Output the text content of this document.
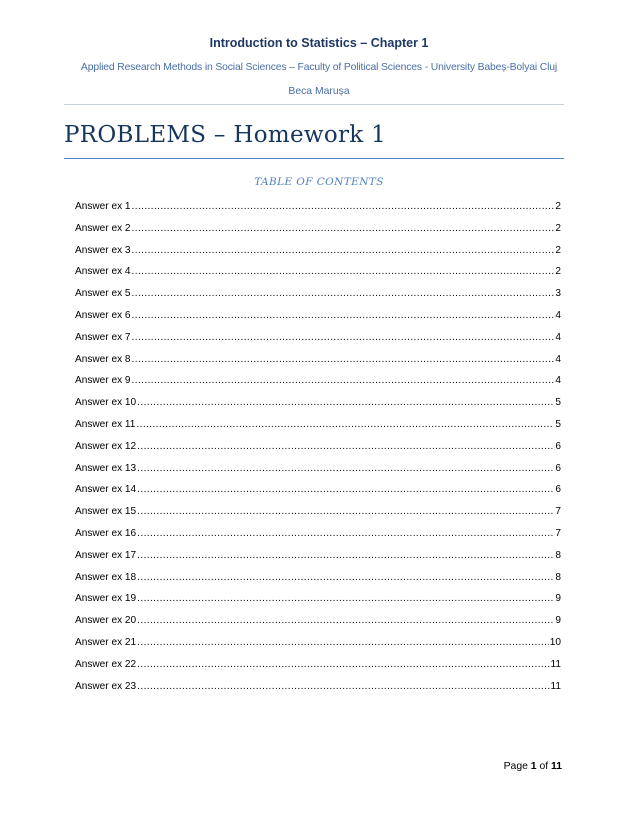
Introduction to Statistics – Chapter 1
Applied Research Methods in Social Sciences – Faculty of Political Sciences - University Babeș-Bolyai Cluj
Beca Marușa
PROBLEMS – Homework 1
TABLE OF CONTENTS
Answer ex 1 .....	2
Answer ex 2 .....	2
Answer ex 3 .....	2
Answer ex 4 .....	2
Answer ex 5 .....	3
Answer ex 6 .....	4
Answer ex 7 .....	4
Answer ex 8 .....	4
Answer ex 9 .....	4
Answer ex 10 .....	5
Answer ex 11 .....	5
Answer ex 12 .....	6
Answer ex 13 .....	6
Answer ex 14 .....	6
Answer ex 15 .....	7
Answer ex 16 .....	7
Answer ex 17 .....	8
Answer ex 18 .....	8
Answer ex 19 .....	9
Answer ex 20 .....	9
Answer ex 21 .....	10
Answer ex 22 .....	11
Answer ex 23 .....	11
Page 1 of 11
